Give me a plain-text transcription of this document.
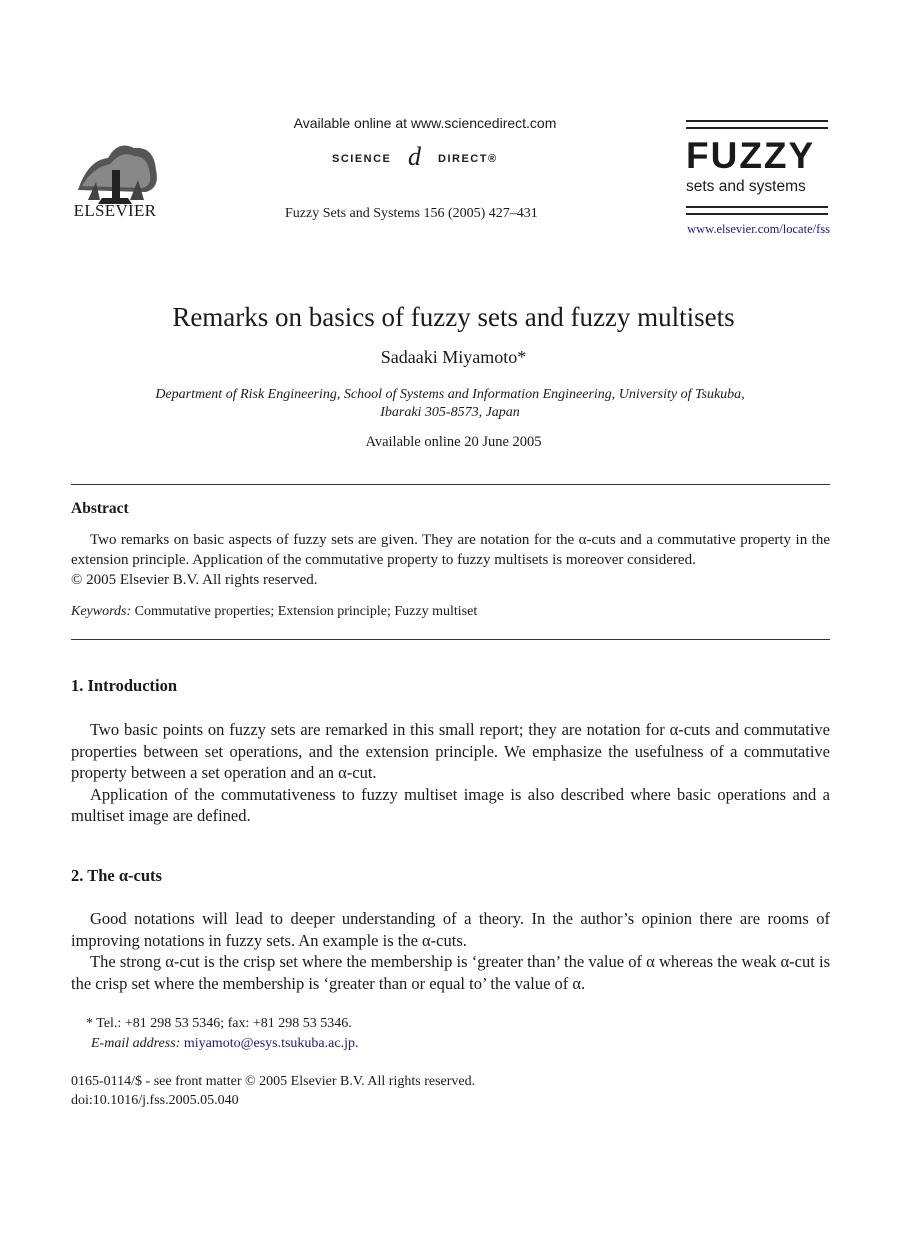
ELSEVIER
Available online at www.sciencedirect.com
SCIENCE d DIRECT®
Fuzzy Sets and Systems 156 (2005) 427–431
FUZZY
sets and systems
www.elsevier.com/locate/fss
Remarks on basics of fuzzy sets and fuzzy multisets
Sadaaki Miyamoto*
Department of Risk Engineering, School of Systems and Information Engineering, University of Tsukuba,
Ibaraki 305-8573, Japan
Available online 20 June 2005
Abstract
Two remarks on basic aspects of fuzzy sets are given. They are notation for the α-cuts and a commutative property in the extension principle. Application of the commutative property to fuzzy multisets is moreover considered.
© 2005 Elsevier B.V. All rights reserved.
Keywords: Commutative properties; Extension principle; Fuzzy multiset
1. Introduction

Two basic points on fuzzy sets are remarked in this small report; they are notation for α-cuts and commutative properties between set operations, and the extension principle. We emphasize the usefulness of a commutative property between a set operation and an α-cut.

Application of the commutativeness to fuzzy multiset image is also described where basic operations and a multiset image are defined.

2. The α-cuts

Good notations will lead to deeper understanding of a theory. In the author’s opinion there are rooms of improving notations in fuzzy sets. An example is the α-cuts.

The strong α-cut is the crisp set where the membership is ‘greater than’ the value of α whereas the weak α-cut is the crisp set where the membership is ‘greater than or equal to’ the value of α.

* Tel.: +81 298 53 5346; fax: +81 298 53 5346.
E-mail address: miyamoto@esys.tsukuba.ac.jp.
0165-0114/$ - see front matter © 2005 Elsevier B.V. All rights reserved.
doi:10.1016/j.fss.2005.05.040
